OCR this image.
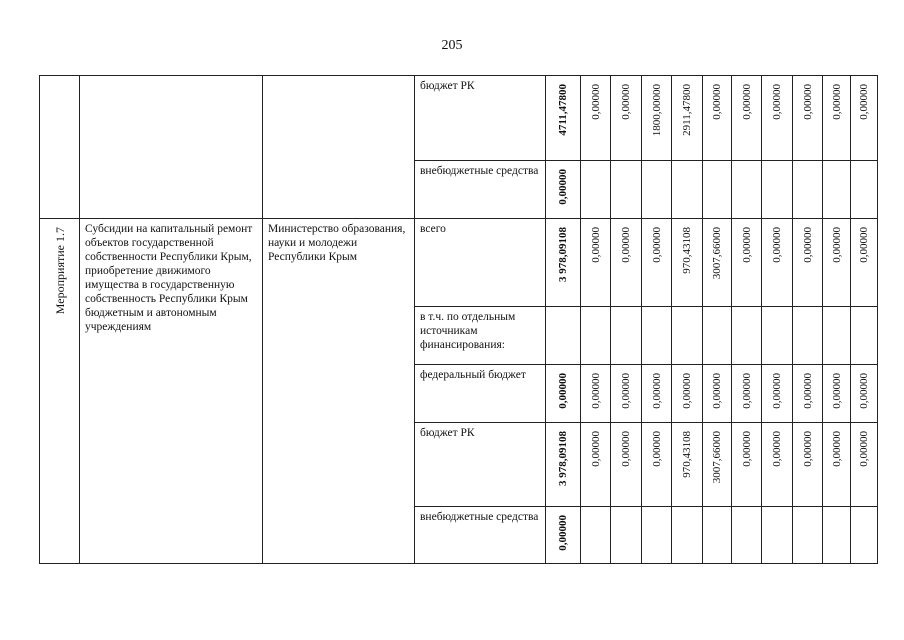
205

			бюджет РК	4711,47800	0,00000	0,00000	1800,00000	2911,47800	0,00000	0,00000	0,00000	0,00000	0,00000	0,00000

			внебюджетные средства	0,00000										

Мероприятие 1.7	Субсидии на капитальный ремонт объектов государственной собственности Республики Крым, приобретение движимого имущества в государственную собственность Республики Крым бюджетным и автономным учреждениям	Министерство образования, науки и молодежи Республики Крым	всего	3 978,09108	0,00000	0,00000	0,00000	970,43108	3007,66000	0,00000	0,00000	0,00000	0,00000	0,00000

			в т.ч. по отдельным источникам финансирования:											

			федеральный бюджет	0,00000	0,00000	0,00000	0,00000	0,00000	0,00000	0,00000	0,00000	0,00000	0,00000	0,00000

			бюджет РК	3 978,09108	0,00000	0,00000	0,00000	970,43108	3007,66000	0,00000	0,00000	0,00000	0,00000	0,00000

			внебюджетные средства	0,00000										
